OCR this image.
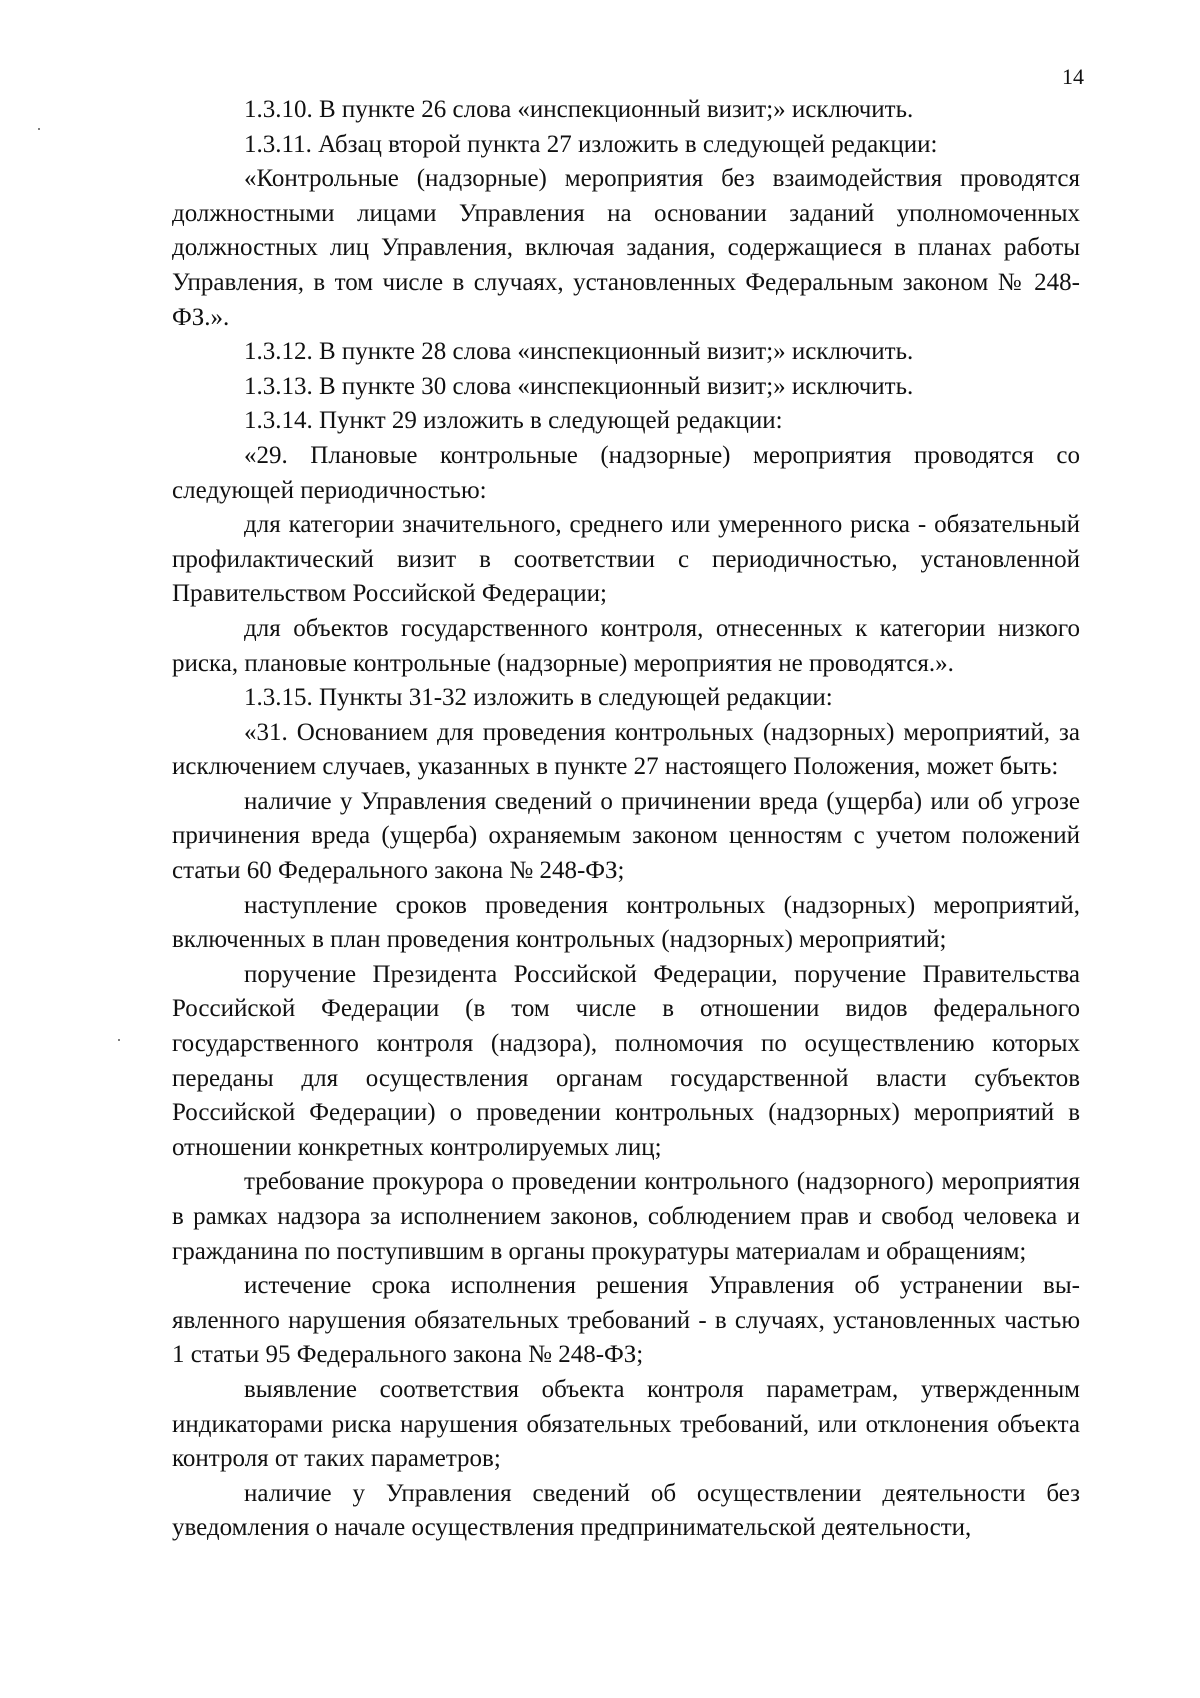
14

1.3.10. В пункте 26 слова «инспекционный визит;» исключить.

1.3.11. Абзац второй пункта 27 изложить в следующей редакции:

«Контрольные (надзорные) мероприятия без взаимодействия проводятся должностными лицами Управления на основании заданий уполномоченных должностных лиц Управления, включая задания, содержащиеся в планах работы Управления, в том числе в случаях, установленных Федеральным законом № 248-ФЗ.».

1.3.12. В пункте 28 слова «инспекционный визит;» исключить.

1.3.13. В пункте 30 слова «инспекционный визит;» исключить.

1.3.14. Пункт 29 изложить в следующей редакции:

«29. Плановые контрольные (надзорные) мероприятия проводятся со следующей периодичностью:

для категории значительного, среднего или умеренного риска - обязательный профилактический визит в соответствии с периодичностью, установленной Правительством Российской Федерации;

для объектов государственного контроля, отнесенных к категории низкого риска, плановые контрольные (надзорные) мероприятия не проводятся.».

1.3.15. Пункты 31-32 изложить в следующей редакции:

«31. Основанием для проведения контрольных (надзорных) мероприятий, за исключением случаев, указанных в пункте 27 настоящего Положения, может быть:

наличие у Управления сведений о причинении вреда (ущерба) или об угрозе причинения вреда (ущерба) охраняемым законом ценностям с учетом положений статьи 60 Федерального закона № 248-ФЗ;

наступление сроков проведения контрольных (надзорных) мероприятий, включенных в план проведения контрольных (надзорных) мероприятий;

поручение Президента Российской Федерации, поручение Правительства Российской Федерации (в том числе в отношении видов федерального государственного контроля (надзора), полномочия по осуществлению которых переданы для осуществления органам государственной власти субъектов Российской Федерации) о проведении контрольных (надзорных) мероприятий в отношении конкретных контролируемых лиц;

требование прокурора о проведении контрольного (надзорного) мероприятия в рамках надзора за исполнением законов, соблюдением прав и свобод человека и гражданина по поступившим в органы прокуратуры материалам и обращениям;

истечение срока исполнения решения Управления об устранении выявленного нарушения обязательных требований - в случаях, установленных частью 1 статьи 95 Федерального закона № 248-ФЗ;

выявление соответствия объекта контроля параметрам, утвержденным индикаторами риска нарушения обязательных требований, или отклонения объекта контроля от таких параметров;

наличие у Управления сведений об осуществлении деятельности без уведомления о начале осуществления предпринимательской деятельности,
